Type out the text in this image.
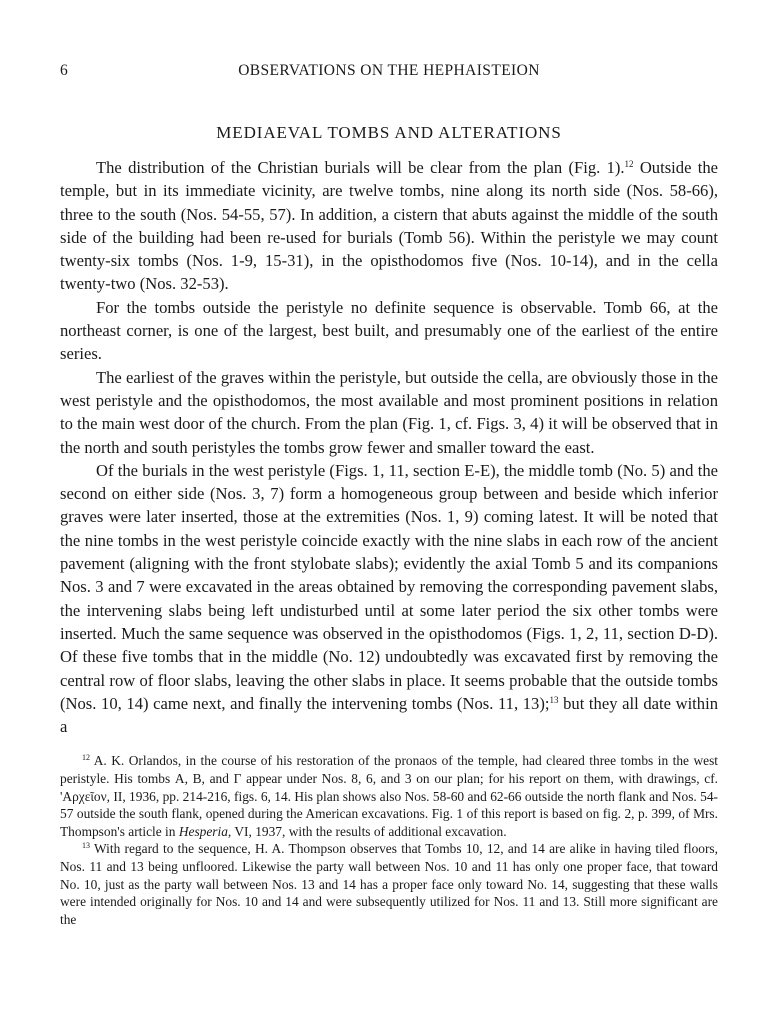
6	OBSERVATIONS ON THE HEPHAISTEION
MEDIAEVAL TOMBS AND ALTERATIONS

The distribution of the Christian burials will be clear from the plan (Fig. 1).$^{12}$ Outside the temple, but in its immediate vicinity, are twelve tombs, nine along its north side (Nos. 58-66), three to the south (Nos. 54-55, 57). In addition, a cistern that abuts against the middle of the south side of the building had been re-used for burials (Tomb 56). Within the peristyle we may count twenty-six tombs (Nos. 1-9, 15-31), in the opisthodomos five (Nos. 10-14), and in the cella twenty-two (Nos. 32-53).

For the tombs outside the peristyle no definite sequence is observable. Tomb 66, at the northeast corner, is one of the largest, best built, and presumably one of the earliest of the entire series.

The earliest of the graves within the peristyle, but outside the cella, are obviously those in the west peristyle and the opisthodomos, the most available and most prominent positions in relation to the main west door of the church. From the plan (Fig. 1, cf. Figs. 3, 4) it will be observed that in the north and south peristyles the tombs grow fewer and smaller toward the east.

Of the burials in the west peristyle (Figs. 1, 11, section E-E), the middle tomb (No. 5) and the second on either side (Nos. 3, 7) form a homogeneous group between and beside which inferior graves were later inserted, those at the extremities (Nos. 1, 9) coming latest. It will be noted that the nine tombs in the west peristyle coincide exactly with the nine slabs in each row of the ancient pavement (aligning with the front stylobate slabs); evidently the axial Tomb 5 and its companions Nos. 3 and 7 were excavated in the areas obtained by removing the corresponding pavement slabs, the intervening slabs being left undisturbed until at some later period the six other tombs were inserted. Much the same sequence was observed in the opisthodomos (Figs. 1, 2, 11, section D-D). Of these five tombs that in the middle (No. 12) undoubtedly was excavated first by removing the central row of floor slabs, leaving the other slabs in place. It seems probable that the outside tombs (Nos. 10, 14) came next, and finally the intervening tombs (Nos. 11, 13);$^{13}$ but they all date within a

$^{12}$ A. K. Orlandos, in the course of his restoration of the pronaos of the temple, had cleared three tombs in the west peristyle. His tombs A, B, and Γ appear under Nos. 8, 6, and 3 on our plan; for his report on them, with drawings, cf. 'Αρχεῖον, II, 1936, pp. 214-216, figs. 6, 14. His plan shows also Nos. 58-60 and 62-66 outside the north flank and Nos. 54-57 outside the south flank, opened during the American excavations. Fig. 1 of this report is based on fig. 2, p. 399, of Mrs. Thompson's article in Hesperia, VI, 1937, with the results of additional excavation.

$^{13}$ With regard to the sequence, H. A. Thompson observes that Tombs 10, 12, and 14 are alike in having tiled floors, Nos. 11 and 13 being unfloored. Likewise the party wall between Nos. 10 and 11 has only one proper face, that toward No. 10, just as the party wall between Nos. 13 and 14 has a proper face only toward No. 14, suggesting that these walls were intended originally for Nos. 10 and 14 and were subsequently utilized for Nos. 11 and 13. Still more significant are the
